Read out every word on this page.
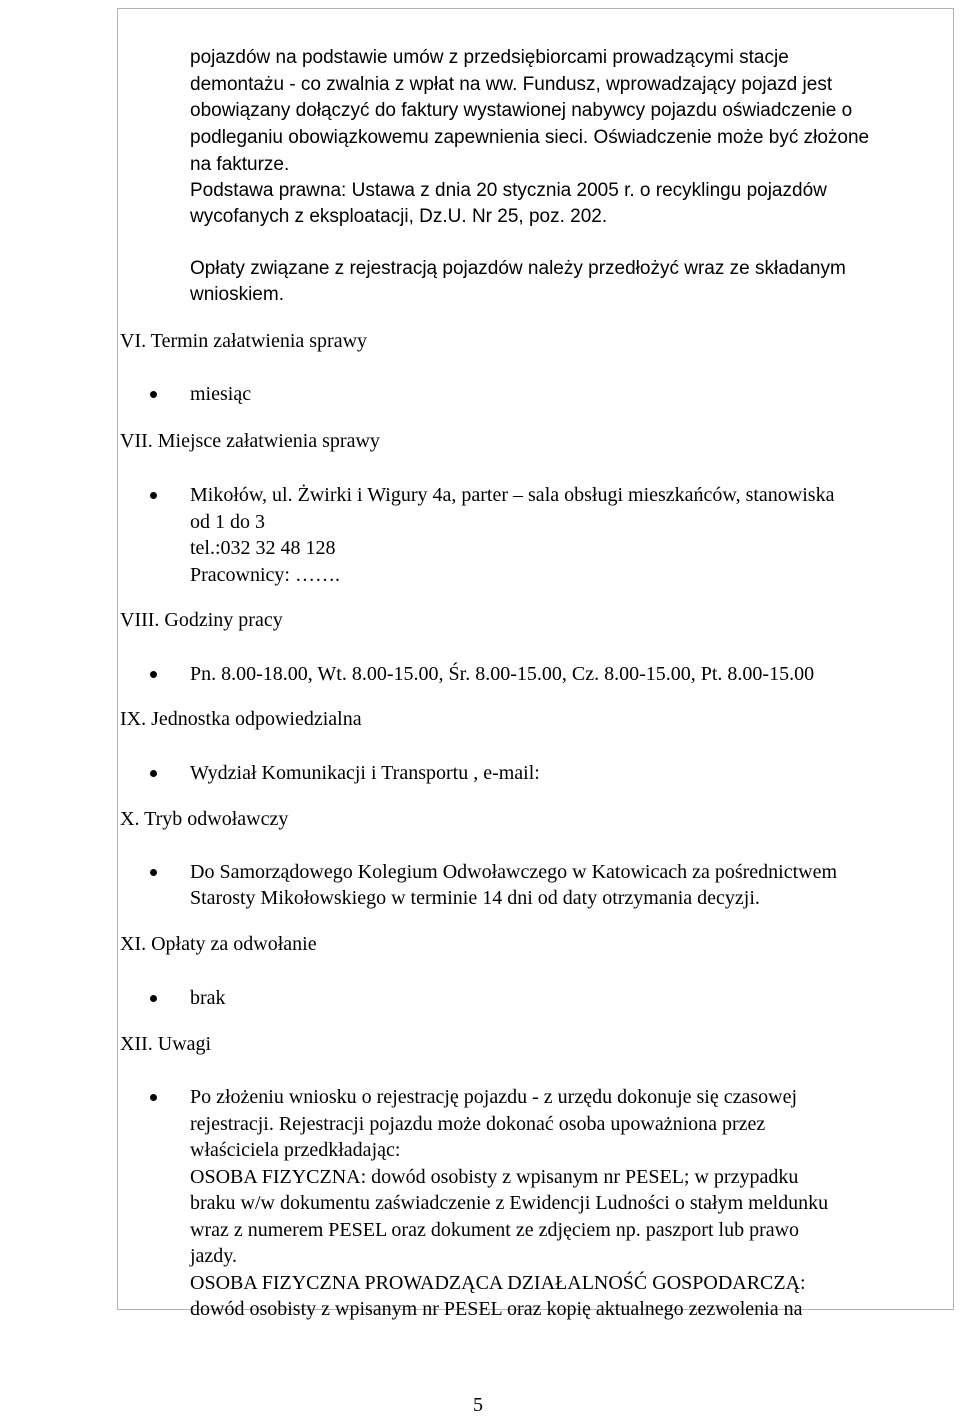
pojazdów na podstawie umów z przedsiębiorcami prowadzącymi stacje
demontażu - co zwalnia z wpłat na ww. Fundusz, wprowadzający pojazd jest
obowiązany dołączyć do faktury wystawionej nabywcy pojazdu oświadczenie o
podleganiu obowiązkowemu zapewnienia sieci. Oświadczenie może być złożone
na fakturze.
Podstawa prawna: Ustawa z dnia 20 stycznia 2005 r. o recyklingu pojazdów
wycofanych z eksploatacji, Dz.U. Nr 25, poz. 202.
Opłaty związane z rejestracją pojazdów należy przedłożyć wraz ze składanym
wnioskiem.
VI. Termin załatwienia sprawy
miesiąc
VII. Miejsce załatwienia sprawy
Mikołów, ul. Żwirki i Wigury 4a, parter – sala obsługi mieszkańców, stanowiska
od 1 do 3
tel.:032 32 48 128
Pracownicy: …….
VIII. Godziny pracy
Pn. 8.00-18.00, Wt. 8.00-15.00, Śr. 8.00-15.00, Cz. 8.00-15.00, Pt. 8.00-15.00
IX. Jednostka odpowiedzialna
Wydział Komunikacji i Transportu , e-mail:
X. Tryb odwoławczy
Do Samorządowego Kolegium Odwoławczego w Katowicach za pośrednictwem
Starosty Mikołowskiego w terminie 14 dni od daty otrzymania decyzji.
XI. Opłaty za odwołanie
brak
XII. Uwagi
Po złożeniu wniosku o rejestrację pojazdu - z urzędu dokonuje się czasowej
rejestracji. Rejestracji pojazdu może dokonać osoba upoważniona przez
właściciela przedkładając:
OSOBA FIZYCZNA: dowód osobisty z wpisanym nr PESEL; w przypadku
braku w/w dokumentu zaświadczenie z Ewidencji Ludności o stałym meldunku
wraz z numerem PESEL oraz dokument ze zdjęciem np. paszport lub prawo
jazdy.
OSOBA FIZYCZNA PROWADZĄCA DZIAŁALNOŚĆ GOSPODARCZĄ:
dowód osobisty z wpisanym nr PESEL oraz kopię aktualnego zezwolenia na
5
